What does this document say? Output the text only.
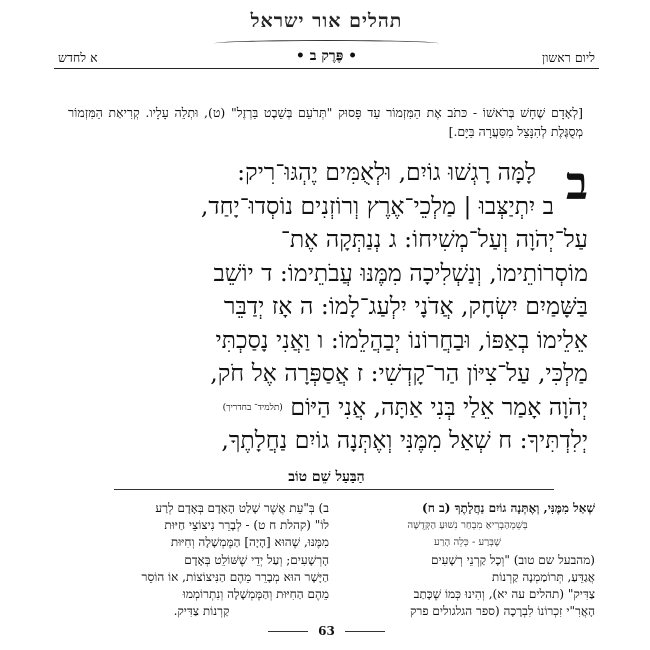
תהלים אור ישראל
ליום ראשון
• פֶּרֶק ב •
א לחדש
[לְאָדָם שֶׁחָשׁ בְּרֹאשׁוֹ - כּתֹב אֶת הַמִּזְמוֹר עַד פָּסוּק "תְּרֹעֵם בְּשֵׁבֶט בַּרְזֶל" (ט), וּתְלֵה עָלָיו. קְרִיאַת הַמִּזְמוֹר מְסֻגֶּלֶת לְהִנָּצֵל מִסַּעֲרָה בַּיָּם.]
ב
לָמָּה רָגְשׁוּ גוֹיִם, וּלְאֻמִּים יֶהְגּוּ־רִיק:
ב יִתְיַצְּבוּ | מַלְכֵי־אֶרֶץ וְרוֹזְנִים נוֹסְדוּ־יָחַד,
עַל־יְהֹוָה וְעַל־מְשִׁיחוֹ: ג נְנַתְּקָה אֶת־
מוֹסְרוֹתֵימוֹ, וְנַשְׁלִיכָה מִמֶּנּוּ עֲבֹתֵימוֹ: ד יוֹשֵׁב
בַּשָּׁמַיִם יִשְׂחָק, אֲדֹנָי יִלְעַג־לָמוֹ: ה אָז יְדַבֵּר
אֵלֵימוֹ בְאַפּוֹ, וּבַחֲרוֹנוֹ יְבַהֲלֵמוֹ: ו וַאֲנִי נָסַכְתִּי
מַלְכִּי, עַל־צִיּוֹן הַר־קָדְשִׁי: ז אֲסַפְּרָה אֶל חֹק,
יְהֹוָה אָמַר אֵלַי בְּנִי אַתָּה, אֲנִי הַיּוֹם (תלמיד־ בחדריך)
יְלִדְתִּיךָ: ח שְׁאַל מִמֶּנִּי וְאֶתְּנָה גוֹיִם נַחֲלָתֶךָ,
הַבַּעַל שֵׁם טוֹב
שְׁאַל מִמֶּנִּי, וְאֶתְּנָה גוֹיִם נַחֲלָתֶךָ (ב ח)
בְּשֵׁמְהַבְרִיאַ מִבְחַר נִשׁוּעַ הַקְּדֻשָּׁה
שֶׁבְּרַע - כְּלֵה הָרַע
(מהבעל שם טוב) "וְכָל קַרְנֵי רְשָׁעִים
אֲגַדֵּעַ, תְּרוֹמַמְנָה קַרְנוֹת
צַדִּיק" (תהלים עה יא), וְהִינוּ כְּמוֹ שֶׁכָּתַב
הָאֲרִ"י זִכְרוֹנוֹ לִבְרָכָה (ספר הגלגולים פרק
ב) בְּ"עֵת אֲשֶׁר שָׁלַט הָאָדָם בְּאָדָם לְרַע
לוֹ" (קהלת ח ט) - לְבָרֵר נִיצוֹצֵי חַיּוּת
מִמֶּנּוּ, שֶׁהוּא [הָיָה] הַמֶּמְשָׁלָה וְחִיּוּת
הָרְשָׁעִים; וְעַל יְדֵי שֶׁשּׁוֹלֵט בְּאָדָם
הַיָּשָׁר הוּא מְבָרֵר מֵהֶם הַנִּיצוֹצוֹת, אוֹ הוֹסֵר
מֵהֶם הַחִיּוּת וְהַמֶּמְשָׁלָה וְנִתְרוֹמְמוּ
קַרְנוֹת צַדִּיק.
63
